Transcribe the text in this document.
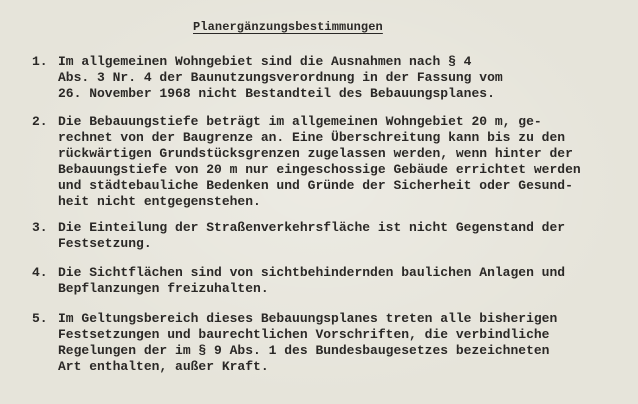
Planergänzungsbestimmungen
1. Im allgemeinen Wohngebiet sind die Ausnahmen nach § 4
Abs. 3 Nr. 4 der Baunutzungsverordnung in der Fassung vom
26. November 1968 nicht Bestandteil des Bebauungsplanes.
2. Die Bebauungstiefe beträgt im allgemeinen Wohngebiet 20 m, ge-
rechnet von der Baugrenze an. Eine Überschreitung kann bis zu den
rückwärtigen Grundstücksgrenzen zugelassen werden, wenn hinter der
Bebauungstiefe von 20 m nur eingeschossige Gebäude errichtet werden
und städtebauliche Bedenken und Gründe der Sicherheit oder Gesund-
heit nicht entgegenstehen.
3. Die Einteilung der Straßenverkehrsfläche ist nicht Gegenstand der
Festsetzung.
4. Die Sichtflächen sind von sichtbehindernden baulichen Anlagen und
Bepflanzungen freizuhalten.
5. Im Geltungsbereich dieses Bebauungsplanes treten alle bisherigen
Festsetzungen und baurechtlichen Vorschriften, die verbindliche
Regelungen der im § 9 Abs. 1 des Bundesbaugesetzes bezeichneten
Art enthalten, außer Kraft.
